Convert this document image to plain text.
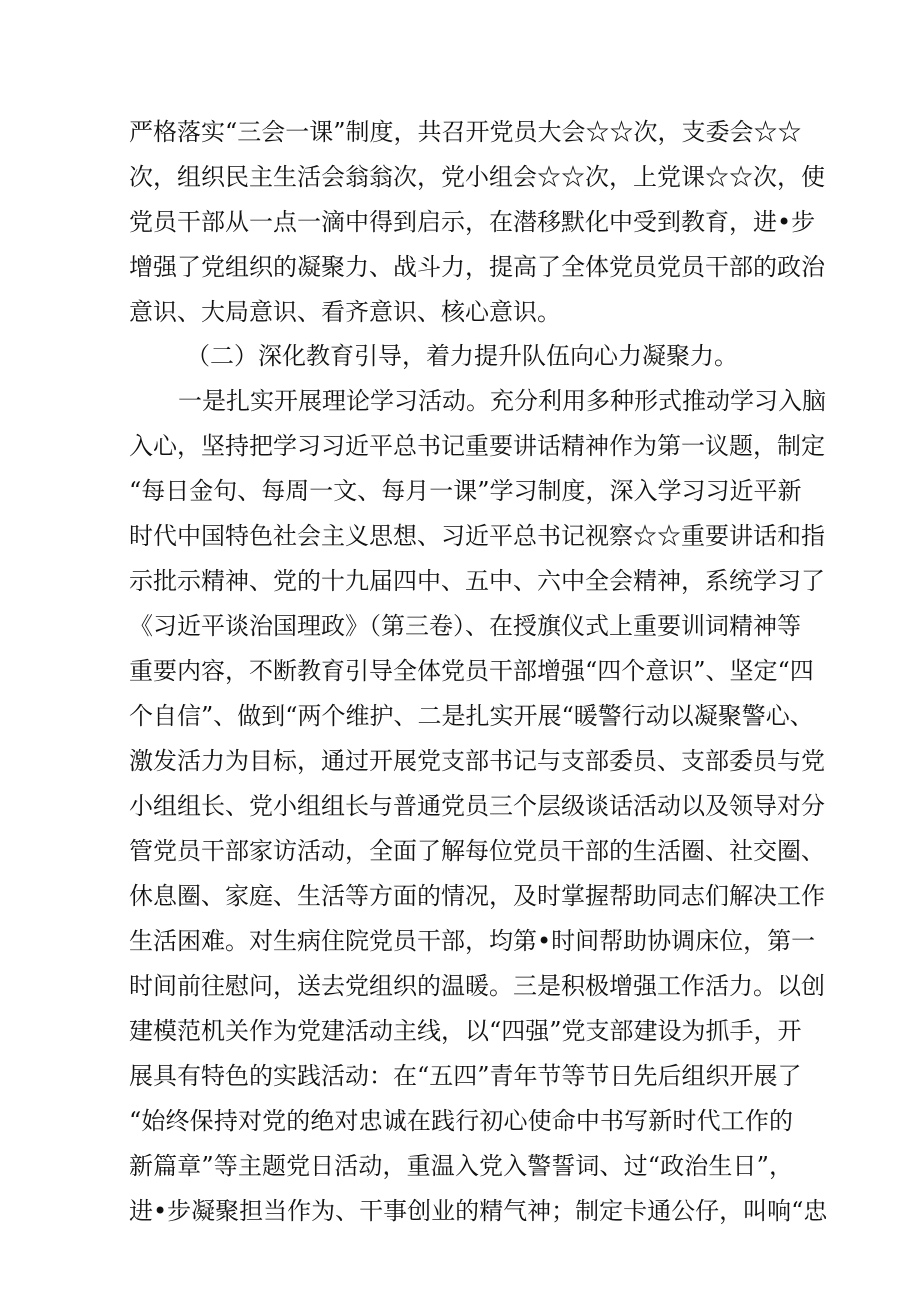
严格落实“三会一课”制度，共召开党员大会☆☆次，支委会☆☆
次，组织民主生活会翁翁次，党小组会☆☆次，上党课☆☆次，使
党员干部从一点一滴中得到启示，在潜移默化中受到教育，进•步
增强了党组织的凝聚力、战斗力，提高了全体党员党员干部的政治
意识、大局意识、看齐意识、核心意识。
（二）深化教育引导，着力提升队伍向心力凝聚力。
一是扎实开展理论学习活动。充分利用多种形式推动学习入脑
入心，坚持把学习习近平总书记重要讲话精神作为第一议题，制定
“每日金句、每周一文、每月一课”学习制度，深入学习习近平新
时代中国特色社会主义思想、习近平总书记视察☆☆重要讲话和指
示批示精神、党的十九届四中、五中、六中全会精神，系统学习了
《习近平谈治国理政》（第三卷）、在授旗仪式上重要训词精神等
重要内容，不断教育引导全体党员干部增强“四个意识”、坚定“四
个自信”、做到“两个维护、二是扎实开展“暖警行动以凝聚警心、
激发活力为目标，通过开展党支部书记与支部委员、支部委员与党
小组组长、党小组组长与普通党员三个层级谈话活动以及领导对分
管党员干部家访活动，全面了解每位党员干部的生活圈、社交圈、
休息圈、家庭、生活等方面的情况，及时掌握帮助同志们解决工作
生活困难。对生病住院党员干部，均第•时间帮助协调床位，第一
时间前往慰问，送去党组织的温暖。三是积极增强工作活力。以创
建模范机关作为党建活动主线，以“四强”党支部建设为抓手，开
展具有特色的实践活动：在“五四”青年节等节日先后组织开展了
“始终保持对党的绝对忠诚在践行初心使命中书写新时代工作的
新篇章”等主题党日活动，重温入党入警誓词、过“政治生日”，
进•步凝聚担当作为、干事创业的精气神；制定卡通公仔，叫响“忠
